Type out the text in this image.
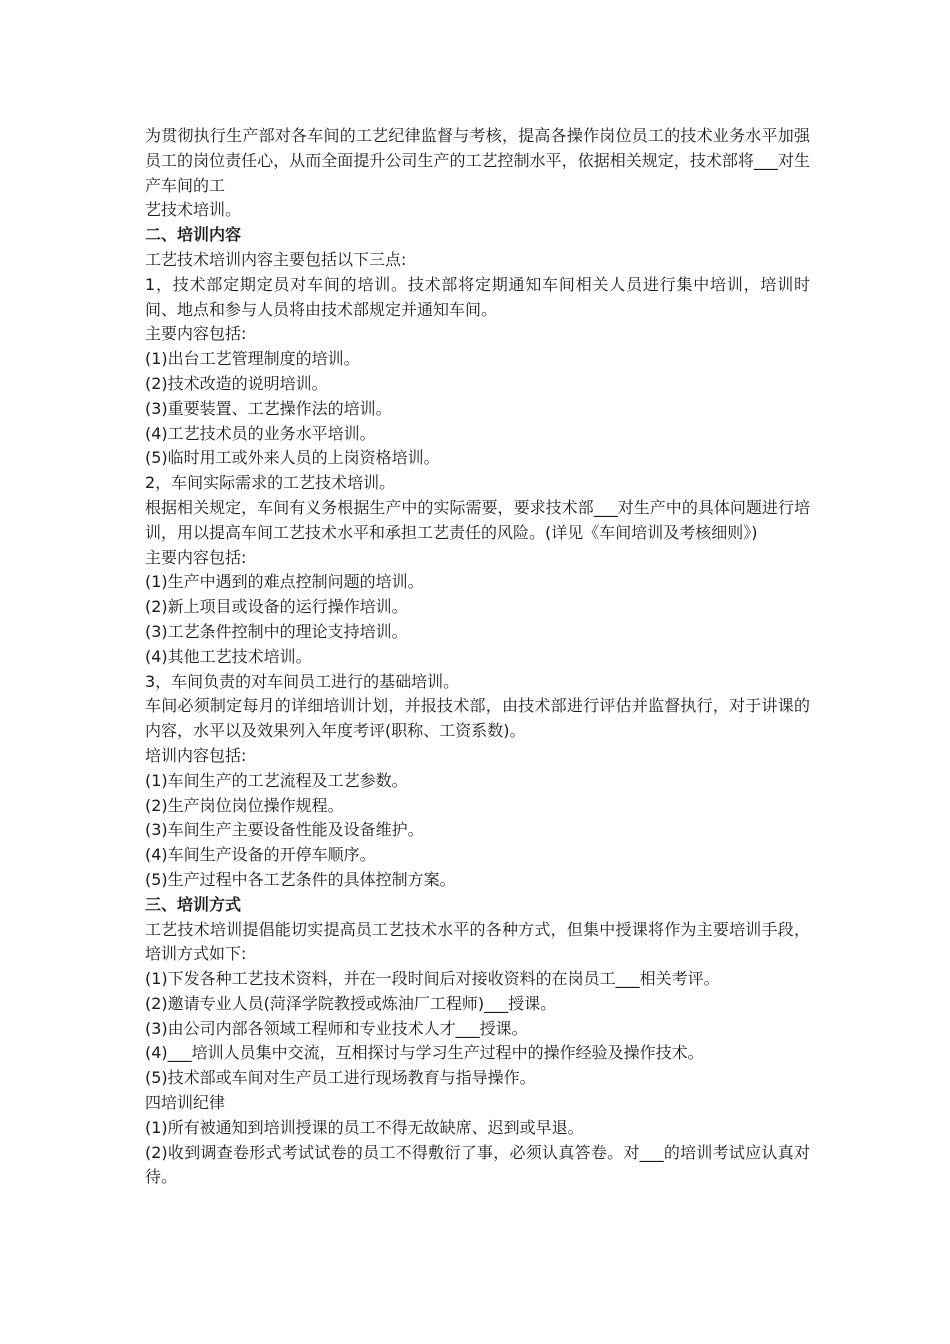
为贯彻执行生产部对各车间的工艺纪律监督与考核，提高各操作岗位员工的技术业务水平加强员工的岗位责任心，从而全面提升公司生产的工艺控制水平，依据相关规定，技术部将___对生产车间的工

艺技术培训。

二、培训内容

工艺技术培训内容主要包括以下三点:

1，技术部定期定员对车间的培训。技术部将定期通知车间相关人员进行集中培训，培训时间、地点和参与人员将由技术部规定并通知车间。

主要内容包括:

(1)出台工艺管理制度的培训。

(2)技术改造的说明培训。

(3)重要装置、工艺操作法的培训。

(4)工艺技术员的业务水平培训。

(5)临时用工或外来人员的上岗资格培训。

2，车间实际需求的工艺技术培训。

根据相关规定，车间有义务根据生产中的实际需要，要求技术部___对生产中的具体问题进行培训，用以提高车间工艺技术水平和承担工艺责任的风险。(详见《车间培训及考核细则》)

主要内容包括:

(1)生产中遇到的难点控制问题的培训。

(2)新上项目或设备的运行操作培训。

(3)工艺条件控制中的理论支持培训。

(4)其他工艺技术培训。

3，车间负责的对车间员工进行的基础培训。

车间必须制定每月的详细培训计划，并报技术部，由技术部进行评估并监督执行，对于讲课的内容，水平以及效果列入年度考评(职称、工资系数)。

培训内容包括:

(1)车间生产的工艺流程及工艺参数。

(2)生产岗位岗位操作规程。

(3)车间生产主要设备性能及设备维护。

(4)车间生产设备的开停车顺序。

(5)生产过程中各工艺条件的具体控制方案。

三、培训方式

工艺技术培训提倡能切实提高员工艺技术水平的各种方式，但集中授课将作为主要培训手段，培训方式如下:

(1)下发各种工艺技术资料，并在一段时间后对接收资料的在岗员工___相关考评。

(2)邀请专业人员(菏泽学院教授或炼油厂工程师)___授课。

(3)由公司内部各领域工程师和专业技术人才___授课。

(4)___培训人员集中交流，互相探讨与学习生产过程中的操作经验及操作技术。

(5)技术部或车间对生产员工进行现场教育与指导操作。

四培训纪律

(1)所有被通知到培训授课的员工不得无故缺席、迟到或早退。

(2)收到调查卷形式考试试卷的员工不得敷衍了事，必须认真答卷。对___的培训考试应认真对待。
